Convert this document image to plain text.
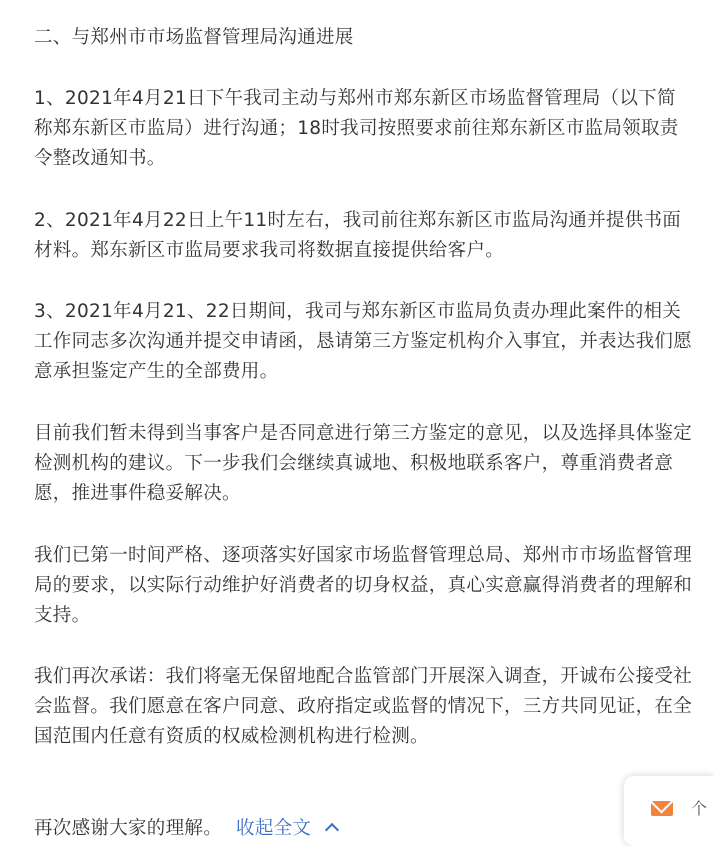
二、与郑州市市场监督管理局沟通进展

1、2021年4月21日下午我司主动与郑州市郑东新区市场监督管理局（以下简称郑东新区市监局）进行沟通；18时我司按照要求前往郑东新区市监局领取责令整改通知书。

2、2021年4月22日上午11时左右，我司前往郑东新区市监局沟通并提供书面材料。郑东新区市监局要求我司将数据直接提供给客户。

3、2021年4月21、22日期间，我司与郑东新区市监局负责办理此案件的相关工作同志多次沟通并提交申请函，恳请第三方鉴定机构介入事宜，并表达我们愿意承担鉴定产生的全部费用。

目前我们暂未得到当事客户是否同意进行第三方鉴定的意见，以及选择具体鉴定检测机构的建议。下一步我们会继续真诚地、积极地联系客户，尊重消费者意愿，推进事件稳妥解决。

我们已第一时间严格、逐项落实好国家市场监督管理总局、郑州市市场监督管理局的要求，以实际行动维护好消费者的切身权益，真心实意赢得消费者的理解和支持。

我们再次承诺：我们将毫无保留地配合监管部门开展深入调查，开诚布公接受社会监督。我们愿意在客户同意、政府指定或监督的情况下，三方共同见证，在全国范围内任意有资质的权威检测机构进行检测。

再次感谢大家的理解。 收起全文

个
